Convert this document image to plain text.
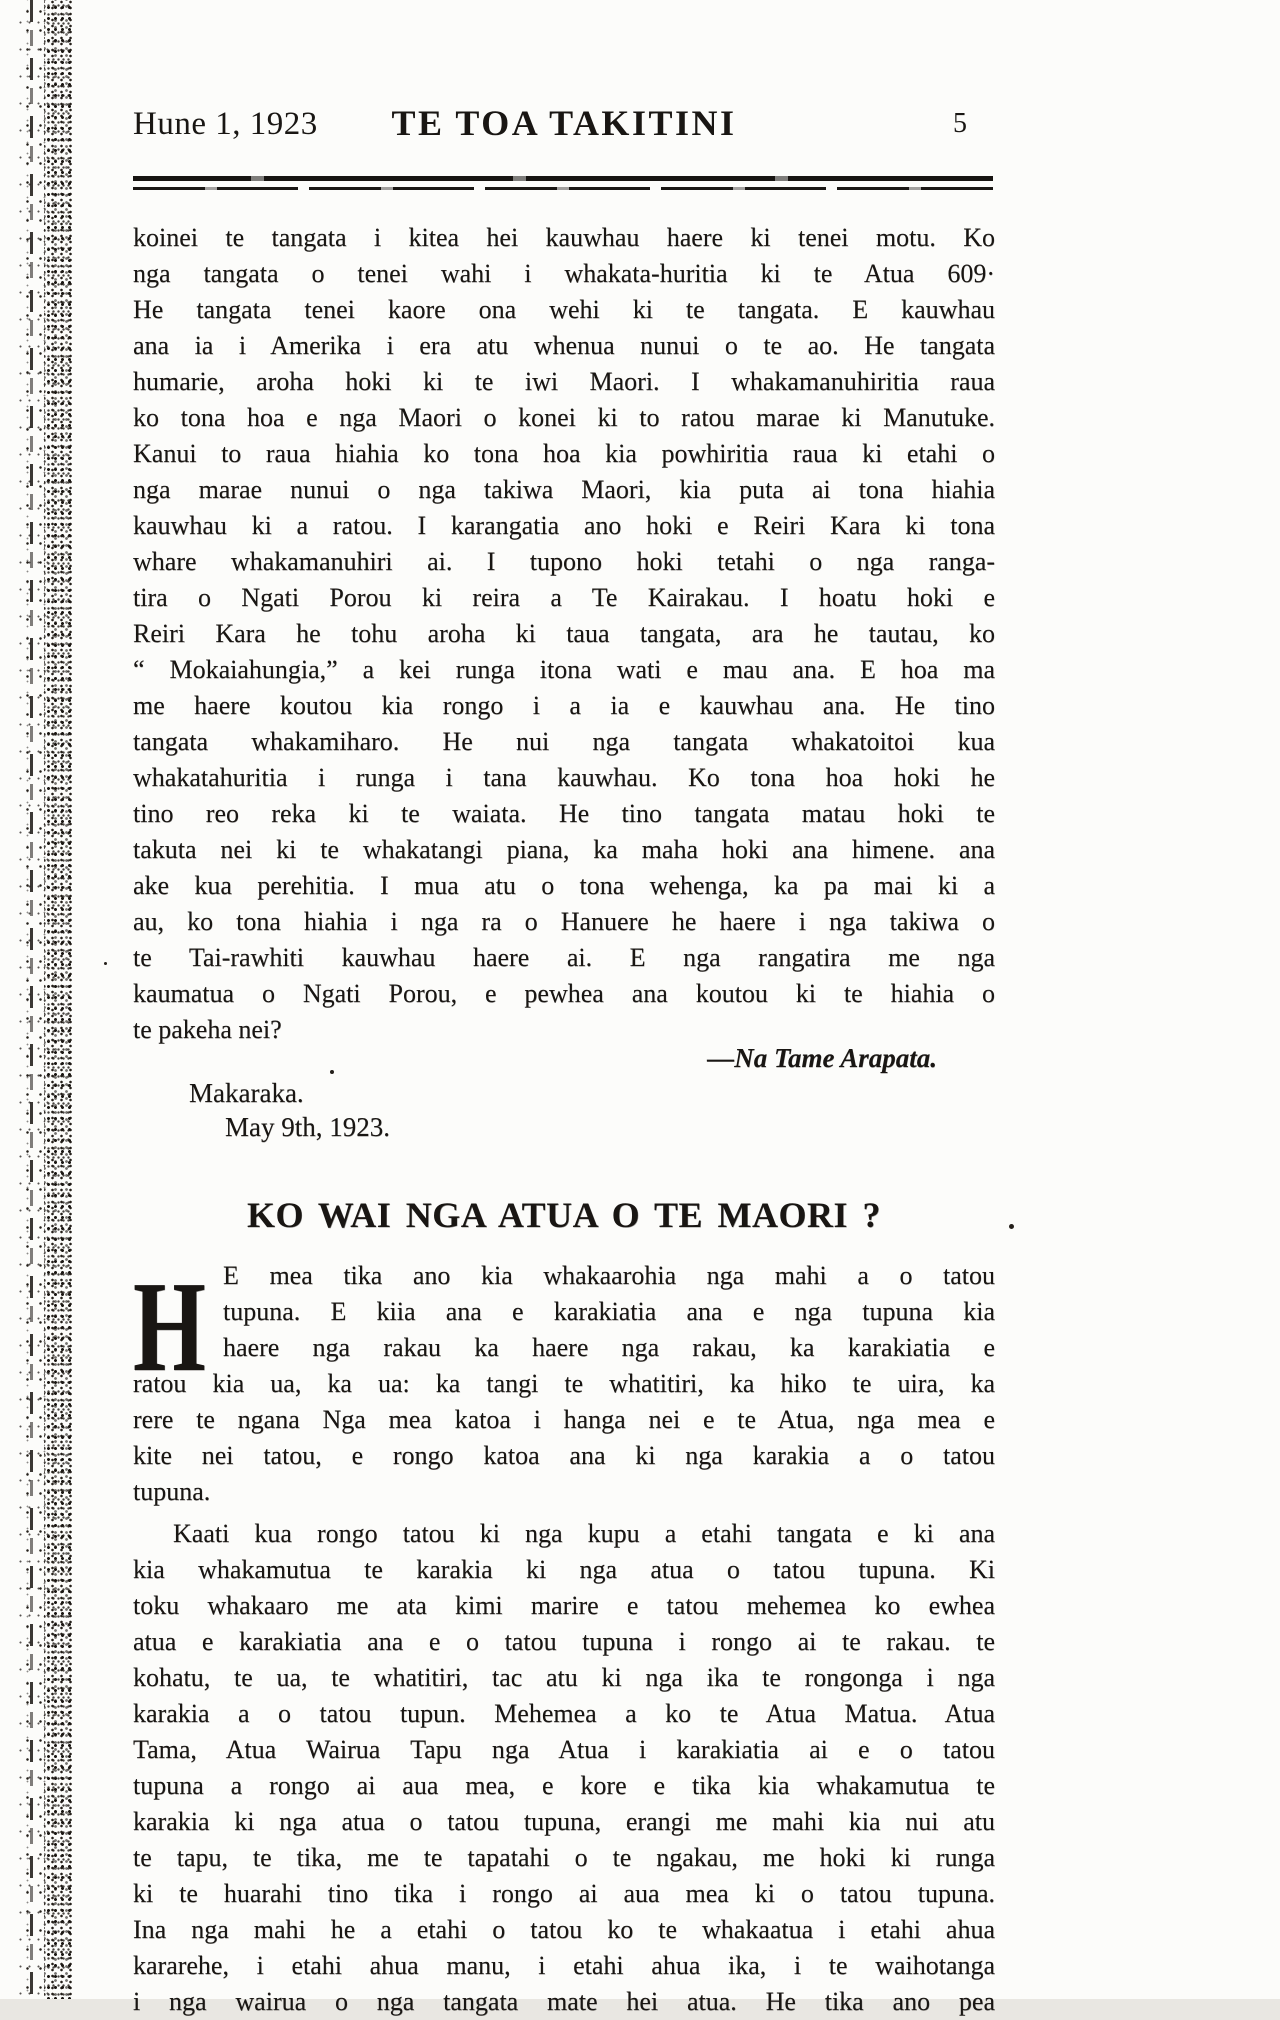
Hune 1, 1923	TE TOA TAKITINI	5
koinei te tangata i kitea hei kauwhau haere ki tenei motu. Ko
nga tangata o tenei wahi i whakata-huritia ki te Atua 609·
He tangata tenei kaore ona wehi ki te tangata. E kauwhau
ana ia i Amerika i era atu whenua nunui o te ao. He tangata
humarie, aroha hoki ki te iwi Maori. I whakamanuhiritia raua
ko tona hoa e nga Maori o konei ki to ratou marae ki Manutuke.
Kanui to raua hiahia ko tona hoa kia powhiritia raua ki etahi o
nga marae nunui o nga takiwa Maori, kia puta ai tona hiahia
kauwhau ki a ratou. I karangatia ano hoki e Reiri Kara ki tona
whare whakamanuhiri ai. I tupono hoki tetahi o nga ranga-
tira o Ngati Porou ki reira a Te Kairakau. I hoatu hoki e
Reiri Kara he tohu aroha ki taua tangata, ara he tautau, ko
“ Mokaiahungia,” a kei runga itona wati e mau ana. E hoa ma
me haere koutou kia rongo i a ia e kauwhau ana. He tino
tangata whakamiharo. He nui nga tangata whakatoitoi kua
whakatahuritia i runga i tana kauwhau. Ko tona hoa hoki he
tino reo reka ki te waiata. He tino tangata matau hoki te
takuta nei ki te whakatangi piana, ka maha hoki ana himene. ana
ake kua perehitia. I mua atu o tona wehenga, ka pa mai ki a
au, ko tona hiahia i nga ra o Hanuere he haere i nga takiwa o
te Tai-rawhiti kauwhau haere ai. E nga rangatira me nga
kaumatua o Ngati Porou, e pewhea ana koutou ki te hiahia o
te pakeha nei?
—Na Tame Arapata.
Makaraka.
May 9th, 1923.
KO WAI NGA ATUA O TE MAORI ?
H E mea tika ano kia whakaarohia nga mahi a o tatou
tupuna. E kiia ana e karakiatia ana e nga tupuna kia
haere nga rakau ka haere nga rakau, ka karakiatia e
ratou kia ua, ka ua: ka tangi te whatitiri, ka hiko te uira, ka
rere te ngana Nga mea katoa i hanga nei e te Atua, nga mea e
kite nei tatou, e rongo katoa ana ki nga karakia a o tatou
tupuna.
Kaati kua rongo tatou ki nga kupu a etahi tangata e ki ana
kia whakamutua te karakia ki nga atua o tatou tupuna. Ki
toku whakaaro me ata kimi marire e tatou mehemea ko ewhea
atua e karakiatia ana e o tatou tupuna i rongo ai te rakau. te
kohatu, te ua, te whatitiri, tac atu ki nga ika te rongonga i nga
karakia a o tatou tupun. Mehemea a ko te Atua Matua. Atua
Tama, Atua Wairua Tapu nga Atua i karakiatia ai e o tatou
tupuna a rongo ai aua mea, e kore e tika kia whakamutua te
karakia ki nga atua o tatou tupuna, erangi me mahi kia nui atu
te tapu, te tika, me te tapatahi o te ngakau, me hoki ki runga
ki te huarahi tino tika i rongo ai aua mea ki o tatou tupuna.
Ina nga mahi he a etahi o tatou ko te whakaatua i etahi ahua
kararehe, i etahi ahua manu, i etahi ahua ika, i te waihotanga
i nga wairua o nga tangata mate hei atua. He tika ano pea
